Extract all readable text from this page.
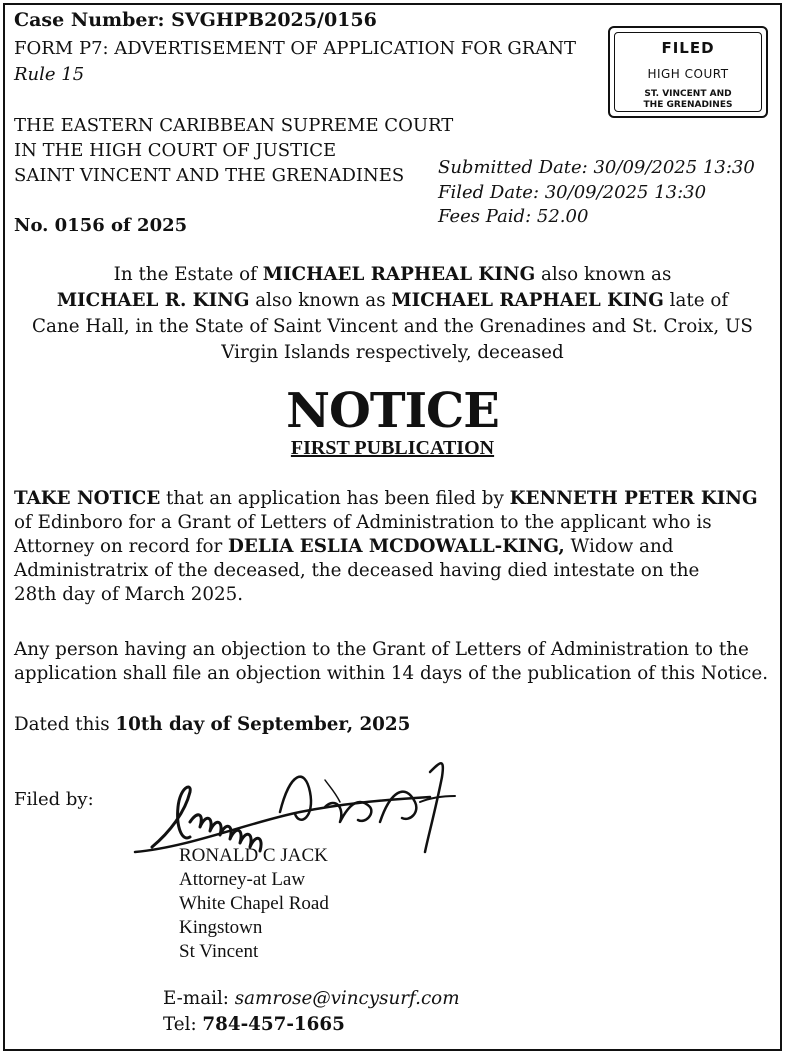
Case Number: SVGHPB2025/0156
FORM P7: ADVERTISEMENT OF APPLICATION FOR GRANT
Rule 15
FILED
HIGH COURT
ST. VINCENT AND
THE GRENADINES
THE EASTERN CARIBBEAN SUPREME COURT
IN THE HIGH COURT OF JUSTICE
SAINT VINCENT AND THE GRENADINES
No. 0156 of 2025
Submitted Date: 30/09/2025 13:30
Filed Date: 30/09/2025 13:30
Fees Paid: 52.00
In the Estate of MICHAEL RAPHEAL KING also known as
MICHAEL R. KING also known as MICHAEL RAPHAEL KING late of
Cane Hall, in the State of Saint Vincent and the Grenadines and St. Croix, US
Virgin Islands respectively, deceased
NOTICE
FIRST PUBLICATION
TAKE NOTICE that an application has been filed by KENNETH PETER KING
of Edinboro for a Grant of Letters of Administration to the applicant who is
Attorney on record for DELIA ESLIA MCDOWALL-KING, Widow and
Administratrix of the deceased, the deceased having died intestate on the
28th day of March 2025.
Any person having an objection to the Grant of Letters of Administration to the
application shall file an objection within 14 days of the publication of this Notice.
Dated this 10th day of September, 2025
Filed by:
RONALD C JACK
Attorney-at Law
White Chapel Road
Kingstown
St Vincent
E-mail: samrose@vincysurf.com
Tel: 784-457-1665
